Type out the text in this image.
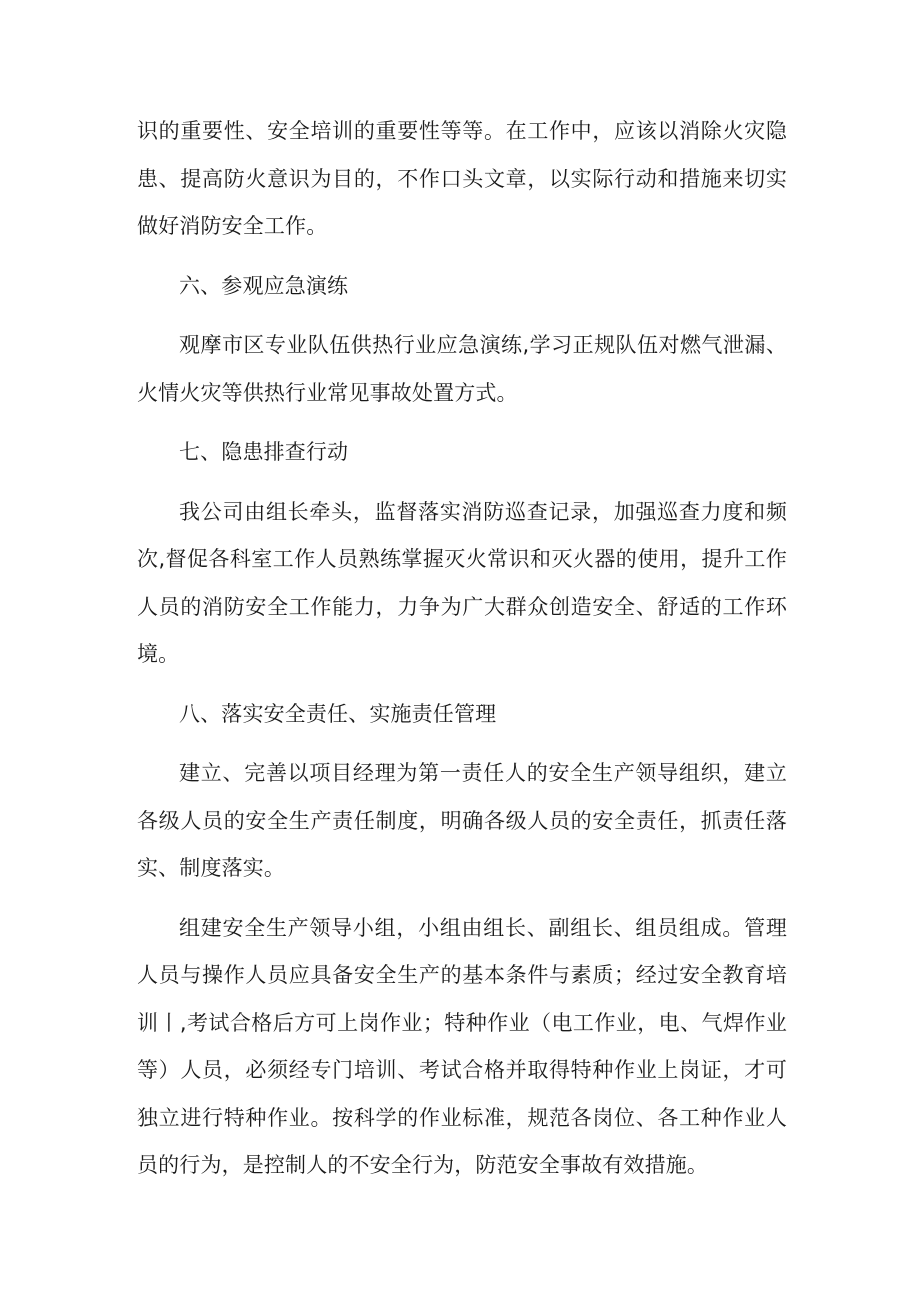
识的重要性、安全培训的重要性等等。在工作中，应该以消除火灾隐患、提高防火意识为目的，不作口头文章，以实际行动和措施来切实做好消防安全工作。

六、参观应急演练

观摩市区专业队伍供热行业应急演练,学习正规队伍对燃气泄漏、火情火灾等供热行业常见事故处置方式。

七、隐患排查行动

我公司由组长牵头，监督落实消防巡查记录，加强巡查力度和频次,督促各科室工作人员熟练掌握灭火常识和灭火器的使用，提升工作人员的消防安全工作能力，力争为广大群众创造安全、舒适的工作环境。

八、落实安全责任、实施责任管理

建立、完善以项目经理为第一责任人的安全生产领导组织，建立各级人员的安全生产责任制度，明确各级人员的安全责任，抓责任落实、制度落实。

组建安全生产领导小组，小组由组长、副组长、组员组成。管理人员与操作人员应具备安全生产的基本条件与素质；经过安全教育培训丨,考试合格后方可上岗作业；特种作业（电工作业，电、气焊作业等）人员，必须经专门培训、考试合格并取得特种作业上岗证，才可独立进行特种作业。按科学的作业标准，规范各岗位、各工种作业人员的行为，是控制人的不安全行为，防范安全事故有效措施。
